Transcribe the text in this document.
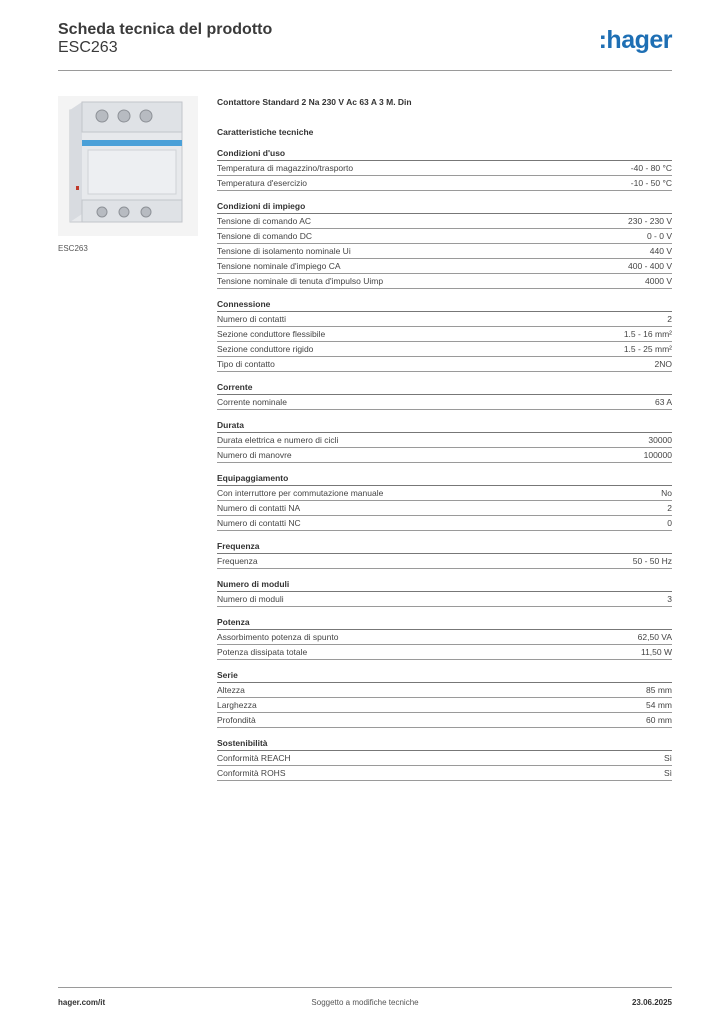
Scheda tecnica del prodotto
ESC263	:hager
ESC263
Contattore Standard 2 Na 230 V Ac 63 A 3 M. Din
Caratteristiche tecniche
Condizioni d'uso
Temperatura di magazzino/trasporto	-40 - 80 °C
Temperatura d'esercizio	-10 - 50 °C
Condizioni di impiego
Tensione di comando AC	230 - 230 V
Tensione di comando DC	0 - 0 V
Tensione di isolamento nominale Ui	440 V
Tensione nominale d'impiego CA	400 - 400 V
Tensione nominale di tenuta d'impulso Uimp	4000 V
Connessione
Numero di contatti	2
Sezione conduttore flessibile	1.5 - 16 mm²
Sezione conduttore rigido	1.5 - 25 mm²
Tipo di contatto	2NO
Corrente
Corrente nominale	63 A
Durata
Durata elettrica e numero di cicli	30000
Numero di manovre	100000
Equipaggiamento
Con interruttore per commutazione manuale	No
Numero di contatti NA	2
Numero di contatti NC	0
Frequenza
Frequenza	50 - 50 Hz
Numero di moduli
Numero di moduli	3
Potenza
Assorbimento potenza di spunto	62,50 VA
Potenza dissipata totale	11,50 W
Serie
Altezza	85 mm
Larghezza	54 mm
Profondità	60 mm
Sostenibilità
Conformità REACH	Sì
Conformità ROHS	Sì
hager.com/it	Soggetto a modifiche tecniche	23.06.2025
